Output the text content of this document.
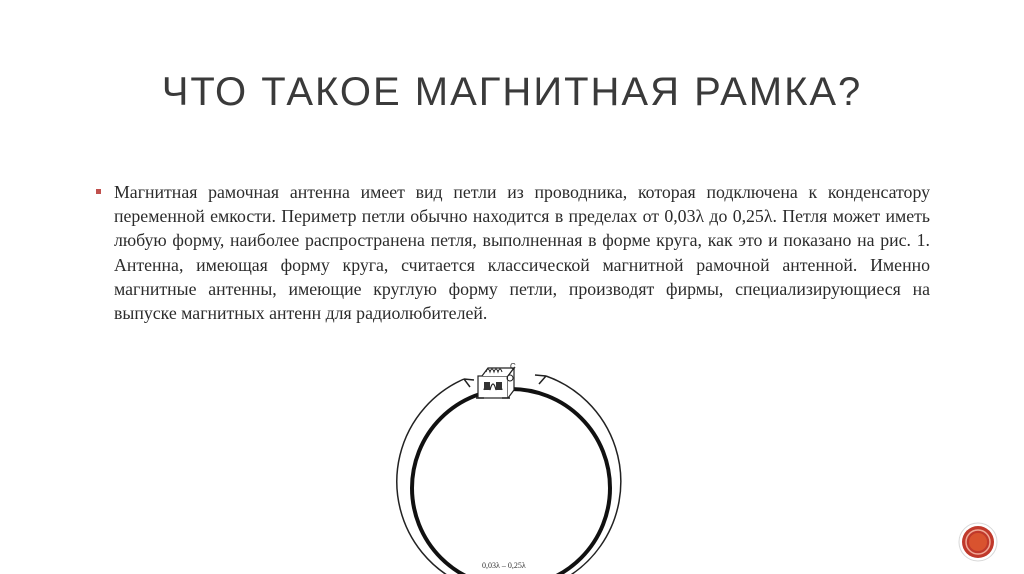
ЧТО ТАКОЕ МАГНИТНАЯ РАМКА?

Магнитная рамочная антенна имеет вид петли из проводника, которая подключена к конденсатору переменной емкости. Периметр петли обычно находится в пределах от 0,03λ до 0,25λ. Петля может иметь любую форму, наиболее распространена петля, выполненная в форме круга, как это и показано на рис. 1. Антенна, имеющая форму круга, считается классической магнитной рамочной антенной. Именно магнитные антенны, имеющие круглую форму петли, производят фирмы, специализирующиеся на выпуске магнитных антенн для радиолюбителей.

C
0,03λ – 0,25λ
